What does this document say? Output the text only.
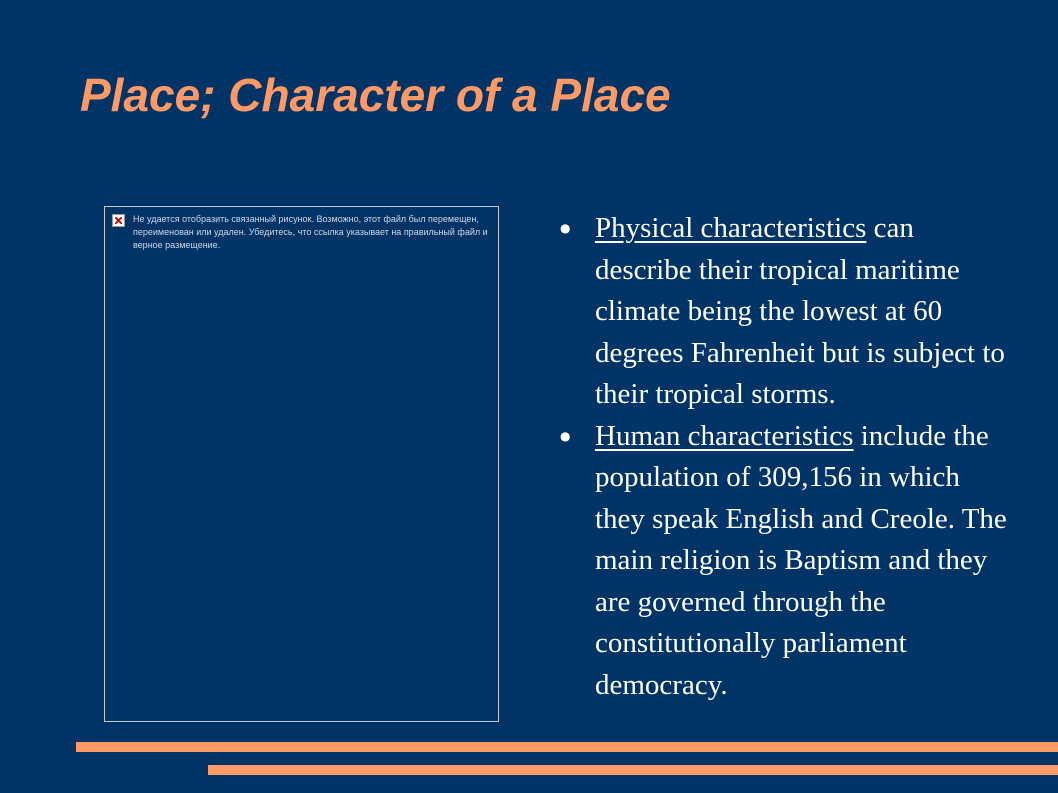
Place; Character of a Place

Не удается отобразить связанный рисунок. Возможно, этот файл был перемещен, переименован или удален. Убедитесь, что ссылка указывает на правильный файл и верное размещение.

● Physical characteristics can describe their tropical maritime climate being the lowest at 60 degrees Fahrenheit but is subject to their tropical storms.
● Human characteristics include the population of 309,156 in which they speak English and Creole. The main religion is Baptism and they are governed through the constitutionally parliament democracy.
